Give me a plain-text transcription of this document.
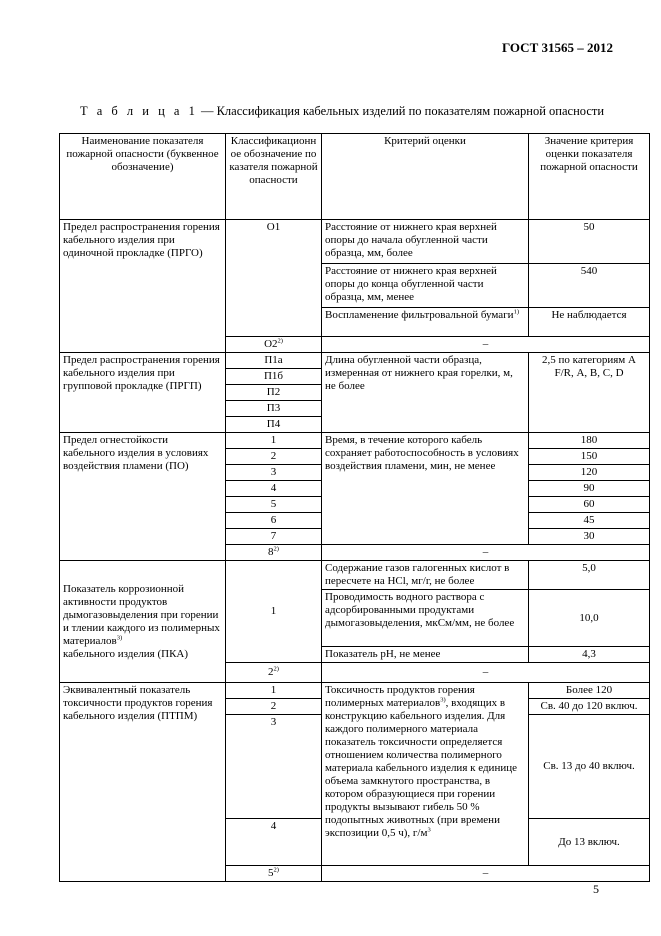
ГОСТ 31565 – 2012
Т а б л и ц а 1 — Классификация кабельных изделий по показателям пожарной опасности
Наименование показателя пожарной опасности (буквенное обозначение)	Классификационное обозначение показателя пожарной опасности	Критерий оценки	Значение критерия оценки показателя пожарной опасности
Предел распространения горения кабельного изделия при одиночной прокладке (ПРГО)	О1	Расстояние от нижнего края верхней опоры до начала обугленной части образца, мм, более	50
		Расстояние от нижнего края верхней опоры до конца обугленной части образца, мм, менее	540
		Воспламенение фильтровальной бумаги$^{1)}$	Не наблюдается
	О2$^{2)}$	–	
Предел распространения горения кабельного изделия при групповой прокладке (ПРГП)	П1а	Длина обугленной части образца, измеренная от нижнего края горелки, м, не более	2,5 по категориям А F/R, А, В, С, D
	П1б		
	П2		
	П3		
	П4		
Предел огнестойкости кабельного изделия в условиях воздействия пламени (ПО)	1	Время, в течение которого кабель сохраняет работоспособность в условиях воздействия пламени, мин, не менее	180
	2		150
	3		120
	4		90
	5		60
	6		45
	7		30
	8$^{2)}$	–	
Показатель коррозионной активности продуктов дымогазовыделения при горении и тлении каждого из полимерных материалов$^{3)}$
кабельного изделия (ПКА)	1	Содержание газов галогенных кислот в пересчете на HCl, мг/г, не более	5,0
		Проводимость водного раствора с адсорбированными продуктами дымогазовыделения, мкСм/мм, не более	10,0
		Показатель рН, не менее	4,3
	2$^{2)}$	–	
Эквивалентный показатель токсичности продуктов горения кабельного изделия (ПТПМ)	1	Токсичность продуктов горения полимерных материалов$^{3)}$, входящих в конструкцию кабельного изделия. Для каждого полимерного материала показатель токсичности определяется отношением количества полимерного материала кабельного изделия к единице объема замкнутого пространства, в котором образующиеся при горении продукты вызывают гибель 50 % подопытных животных (при времени экспозиции 0,5 ч), $г/м^3$	Более 120
	2		Св. 40 до 120 включ.
	3		Св. 13 до 40 включ.
	4		До 13 включ.
	5$^{2)}$	–	
5
